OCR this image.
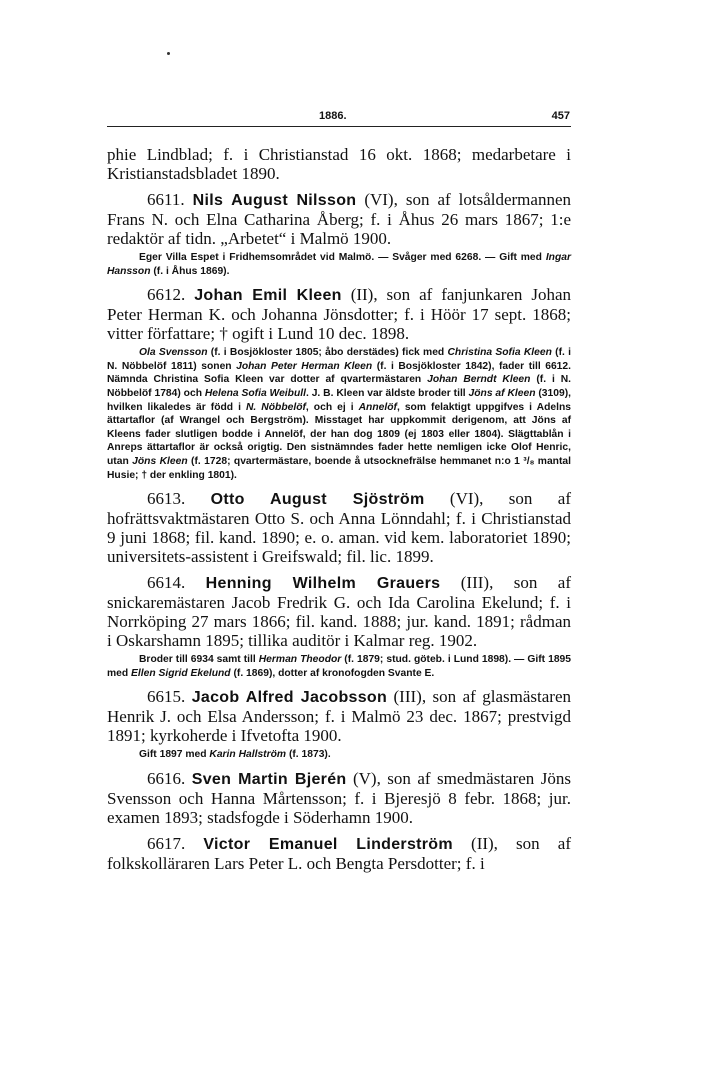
1886.	457

phie Lindblad; f. i Christianstad 16 okt. 1868; medarbetare i Kristianstadsbladet 1890.

6611. Nils August Nilsson (VI), son af lotsåldermannen Frans N. och Elna Catharina Åberg; f. i Åhus 26 mars 1867; 1:e redaktör af tidn. „Arbetet“ i Malmö 1900.

Eger Villa Espet i Fridhemsområdet vid Malmö. — Svåger med 6268. — Gift med Ingar Hansson (f. i Åhus 1869).

6612. Johan Emil Kleen (II), son af fanjunkaren Johan Peter Herman K. och Johanna Jönsdotter; f. i Höör 17 sept. 1868; vitter författare; † ogift i Lund 10 dec. 1898.

Ola Svensson (f. i Bosjökloster 1805; åbo derstädes) fick med Christina Sofia Kleen (f. i N. Nöbbelöf 1811) sonen Johan Peter Herman Kleen (f. i Bosjökloster 1842), fader till 6612. Nämnda Christina Sofia Kleen var dotter af qvartermästaren Johan Berndt Kleen (f. i N. Nöbbelöf 1784) och Helena Sofia Weibull. J. B. Kleen var äldste broder till Jöns af Kleen (3109), hvilken likaledes är född i N. Nöbbelöf, och ej i Annelöf, som felaktigt uppgifves i Adelns ättartaflor (af Wrangel och Bergström). Misstaget har uppkommit derigenom, att Jöns af Kleens fader slutligen bodde i Annelöf, der han dog 1809 (ej 1803 eller 1804). Slägttablån i Anreps ättartaflor är också origtig. Den sistnämndes fader hette nemligen icke Olof Henric, utan Jöns Kleen (f. 1728; qvartermästare, boende å utsocknefrälse hemmanet n:o 1 ³/₈ mantal Husie; † der enkling 1801).

6613. Otto August Sjöström (VI), son af hofrättsvaktmästaren Otto S. och Anna Lönndahl; f. i Christianstad 9 juni 1868; fil. kand. 1890; e. o. aman. vid kem. laboratoriet 1890; universitets-assistent i Greifswald; fil. lic. 1899.

6614. Henning Wilhelm Grauers (III), son af snickaremästaren Jacob Fredrik G. och Ida Carolina Ekelund; f. i Norrköping 27 mars 1866; fil. kand. 1888; jur. kand. 1891; rådman i Oskarshamn 1895; tillika auditör i Kalmar reg. 1902.

Broder till 6934 samt till Herman Theodor (f. 1879; stud. göteb. i Lund 1898). — Gift 1895 med Ellen Sigrid Ekelund (f. 1869), dotter af kronofogden Svante E.

6615. Jacob Alfred Jacobsson (III), son af glasmästaren Henrik J. och Elsa Andersson; f. i Malmö 23 dec. 1867; prestvigd 1891; kyrkoherde i Ifvetofta 1900.

Gift 1897 med Karin Hallström (f. 1873).

6616. Sven Martin Bjerén (V), son af smedmästaren Jöns Svensson och Hanna Mårtensson; f. i Bjeresjö 8 febr. 1868; jur. examen 1893; stadsfogde i Söderhamn 1900.

6617. Victor Emanuel Linderström (II), son af folkskolläraren Lars Peter L. och Bengta Persdotter; f. i
